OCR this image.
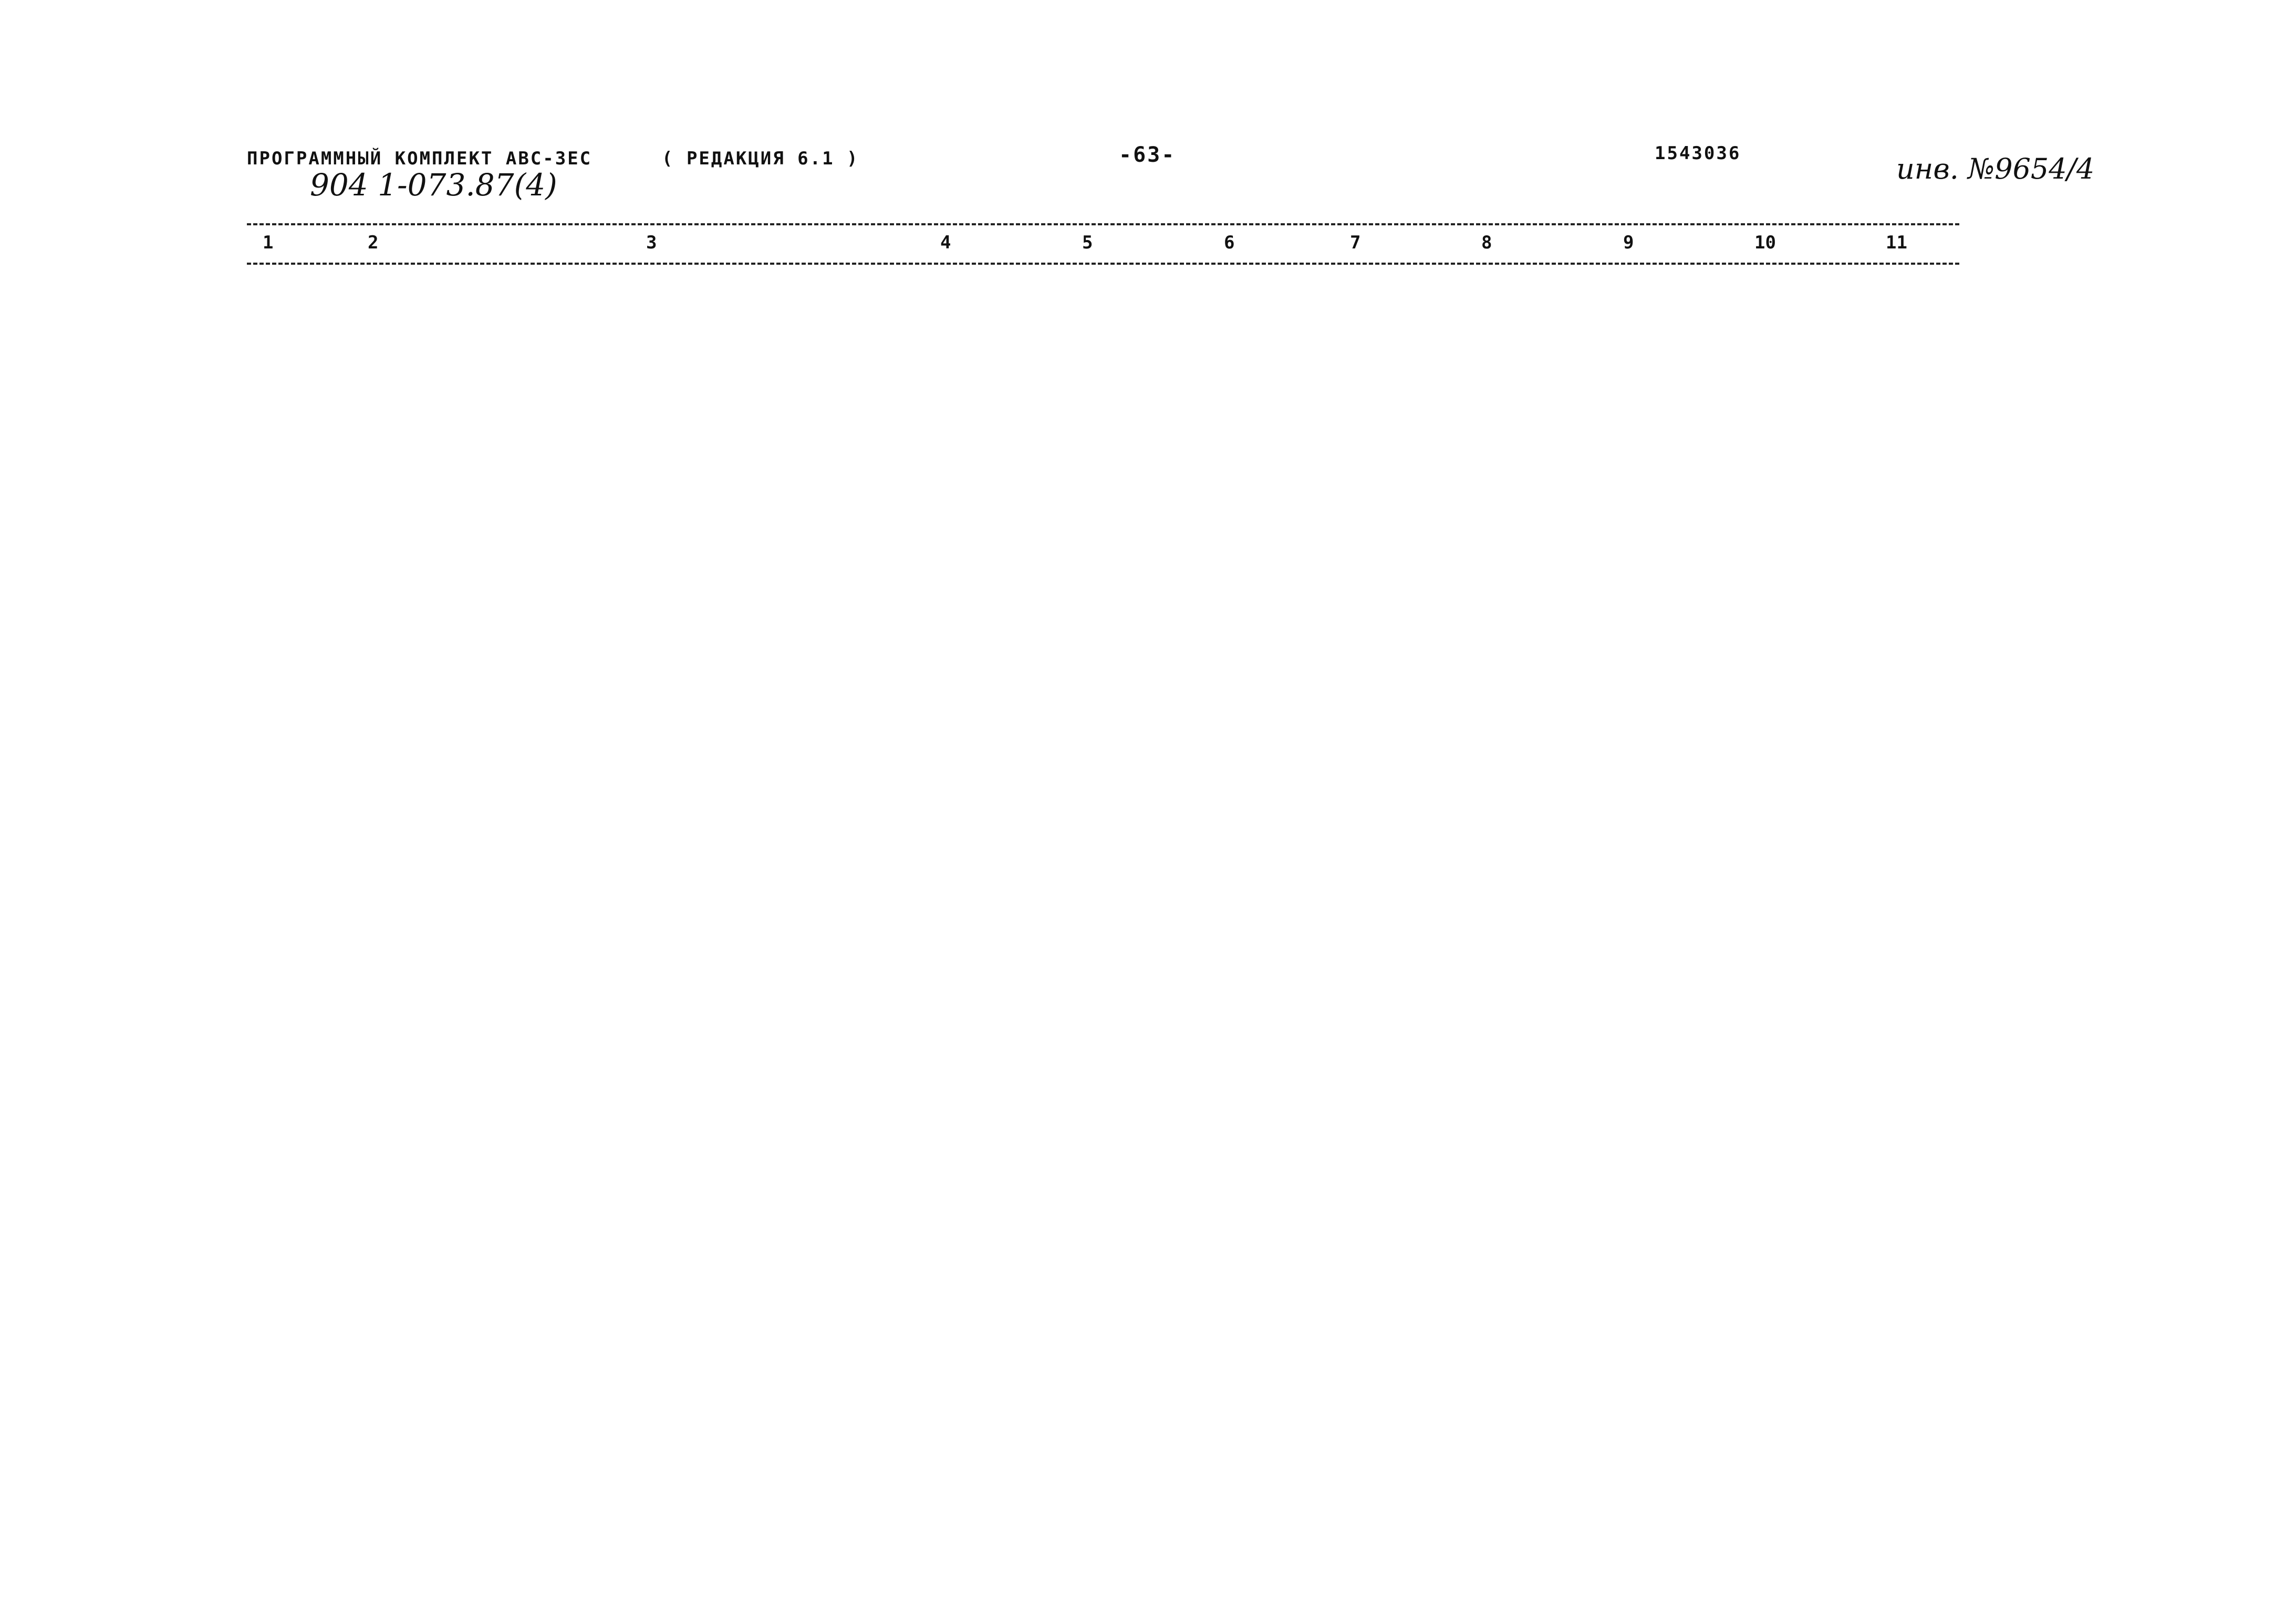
ПРОГРАММНЫЙ КОМПЛЕКТ АВС-ЗЕС	( РЕДАКЦИЯ 6.1 )	-63-	1543036
904 1-073.87(4)	инв. №9654/4
1	2	3	4	5	6	7	8	9	10	11
